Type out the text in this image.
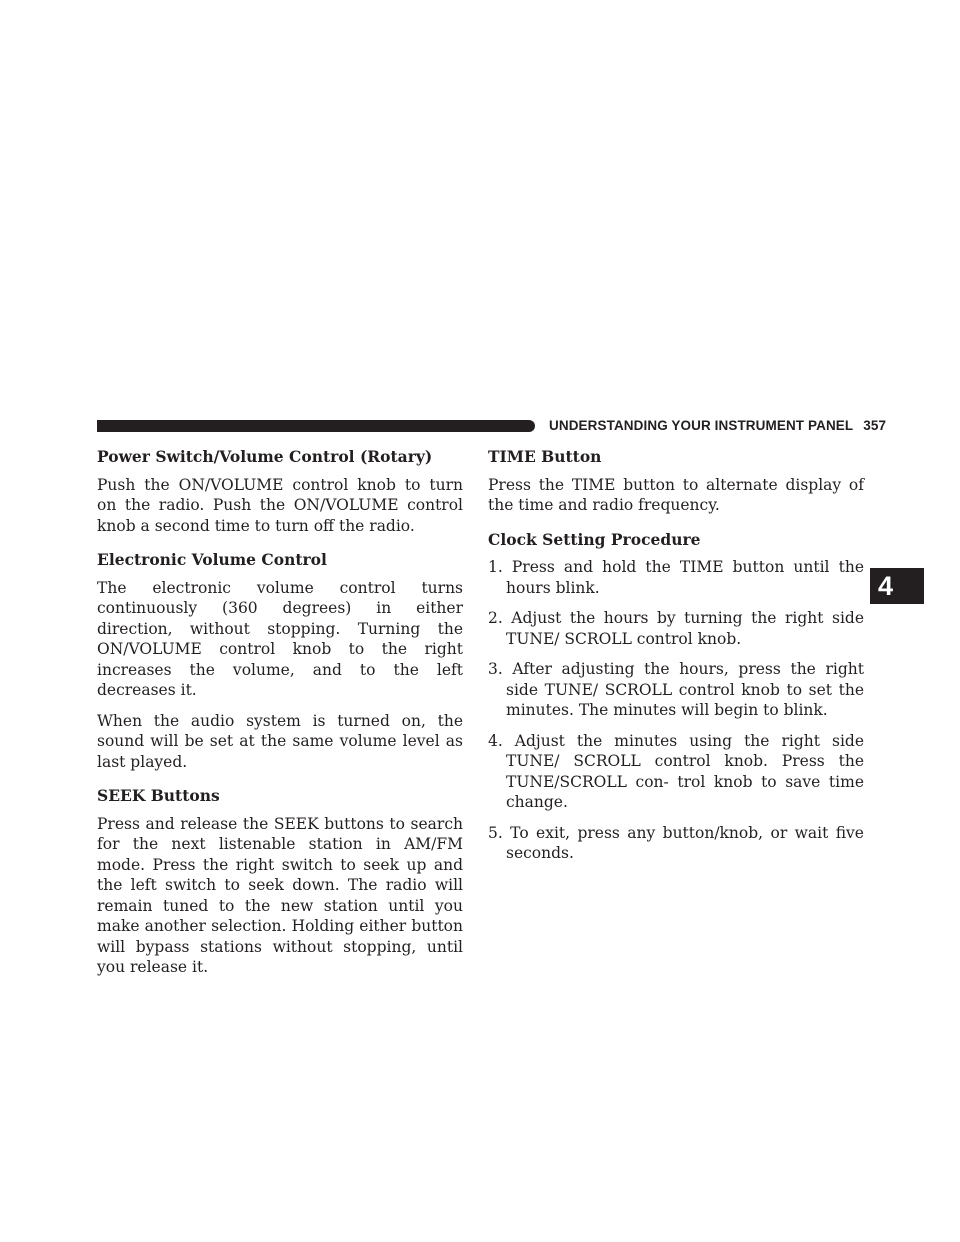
UNDERSTANDING YOUR INSTRUMENT PANEL 357
4
Power Switch/Volume Control (Rotary)

Push the ON/VOLUME control knob to turn on the radio. Push the ON/VOLUME control knob a second time to turn off the radio.

Electronic Volume Control

The electronic volume control turns continuously (360 degrees) in either direction, without stopping. Turning the ON/VOLUME control knob to the right increases the volume, and to the left decreases it.

When the audio system is turned on, the sound will be set at the same volume level as last played.

SEEK Buttons

Press and release the SEEK buttons to search for the next listenable station in AM/FM mode. Press the right switch to seek up and the left switch to seek down. The radio will remain tuned to the new station until you make another selection. Holding either button will bypass stations without stopping, until you release it.

TIME Button

Press the TIME button to alternate display of the time and radio frequency.

Clock Setting Procedure
1. Press and hold the TIME button until the hours blink.
2. Adjust the hours by turning the right side TUNE/ SCROLL control knob.
3. After adjusting the hours, press the right side TUNE/ SCROLL control knob to set the minutes. The minutes will begin to blink.
4. Adjust the minutes using the right side TUNE/ SCROLL control knob. Press the TUNE/SCROLL con- trol knob to save time change.
5. To exit, press any button/knob, or wait five seconds.
